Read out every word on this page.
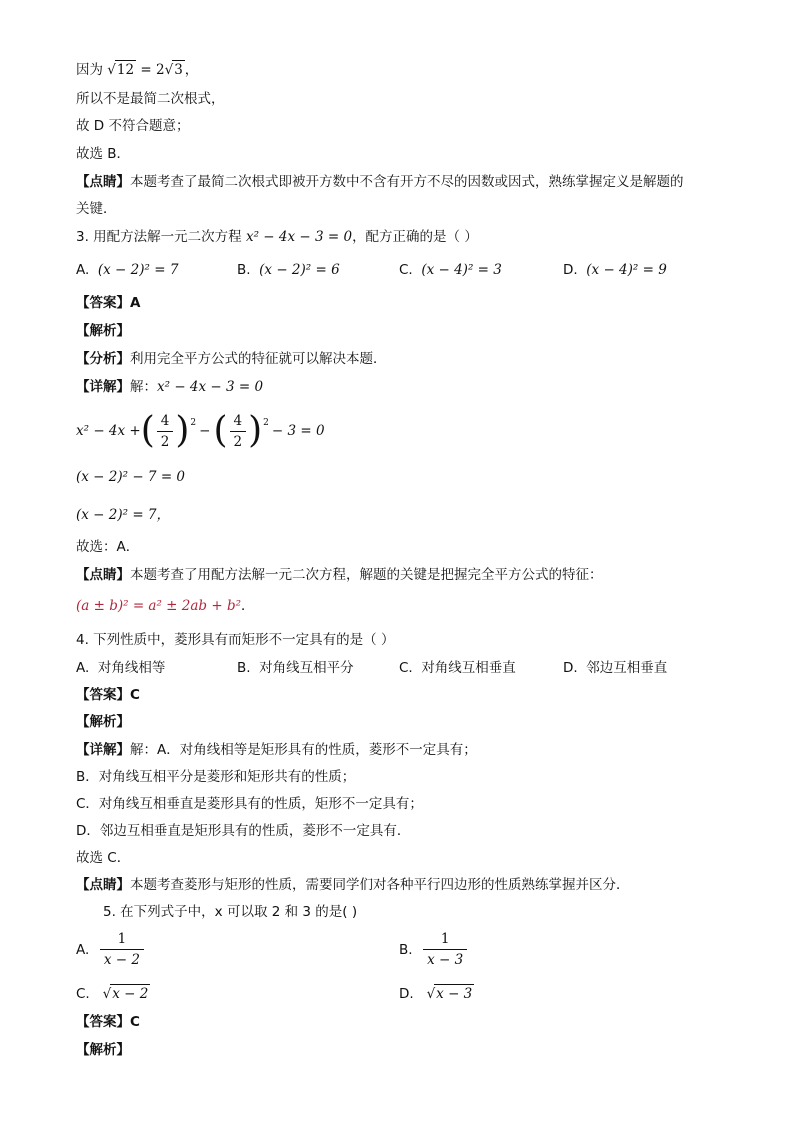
因为 √12 = 2√3 ，
所以不是最简二次根式，
故 D 不符合题意；
故选 B．
【点睛】本题考查了最简二次根式即被开方数中不含有开方不尽的因数或因式，熟练掌握定义是解题的
关键．
3. 用配方法解一元二次方程 x² − 4x − 3 = 0，配方正确的是（ ）
A. (x − 2)² = 7	B. (x − 2)² = 6	C. (x − 4)² = 3	D. (x − 4)² = 9
【答案】A
【解析】
【分析】利用完全平方公式的特征就可以解决本题．
【详解】解：x² − 4x − 3 = 0
x² − 4x + ( $\frac{4}{2}$ ) 2
− ( $\frac{4}{2}$ ) 2
− 3 = 0
(x − 2)² − 7 = 0
(x − 2)² = 7，
故选：A．
【点睛】本题考查了用配方法解一元二次方程，解题的关键是把握完全平方公式的特征：
(a ± b)² = a² ± 2ab + b²．
4. 下列性质中，菱形具有而矩形不一定具有的是（ ）
A. 对角线相等	B. 对角线互相平分	C. 对角线互相垂直	D. 邻边互相垂直
【答案】C
【解析】
【详解】解：A．对角线相等是矩形具有的性质，菱形不一定具有；
B．对角线互相平分是菱形和矩形共有的性质；
C．对角线互相垂直是菱形具有的性质，矩形不一定具有；
D．邻边互相垂直是矩形具有的性质，菱形不一定具有．
故选 C．
【点睛】本题考查菱形与矩形的性质，需要同学们对各种平行四边形的性质熟练掌握并区分．
5. 在下列式子中，x 可以取 2 和 3 的是( )
A.
$\frac{1}{x - 2}$	B.
$\frac{1}{x - 3}$
C. √x − 2	D. √x − 3
【答案】C
【解析】
